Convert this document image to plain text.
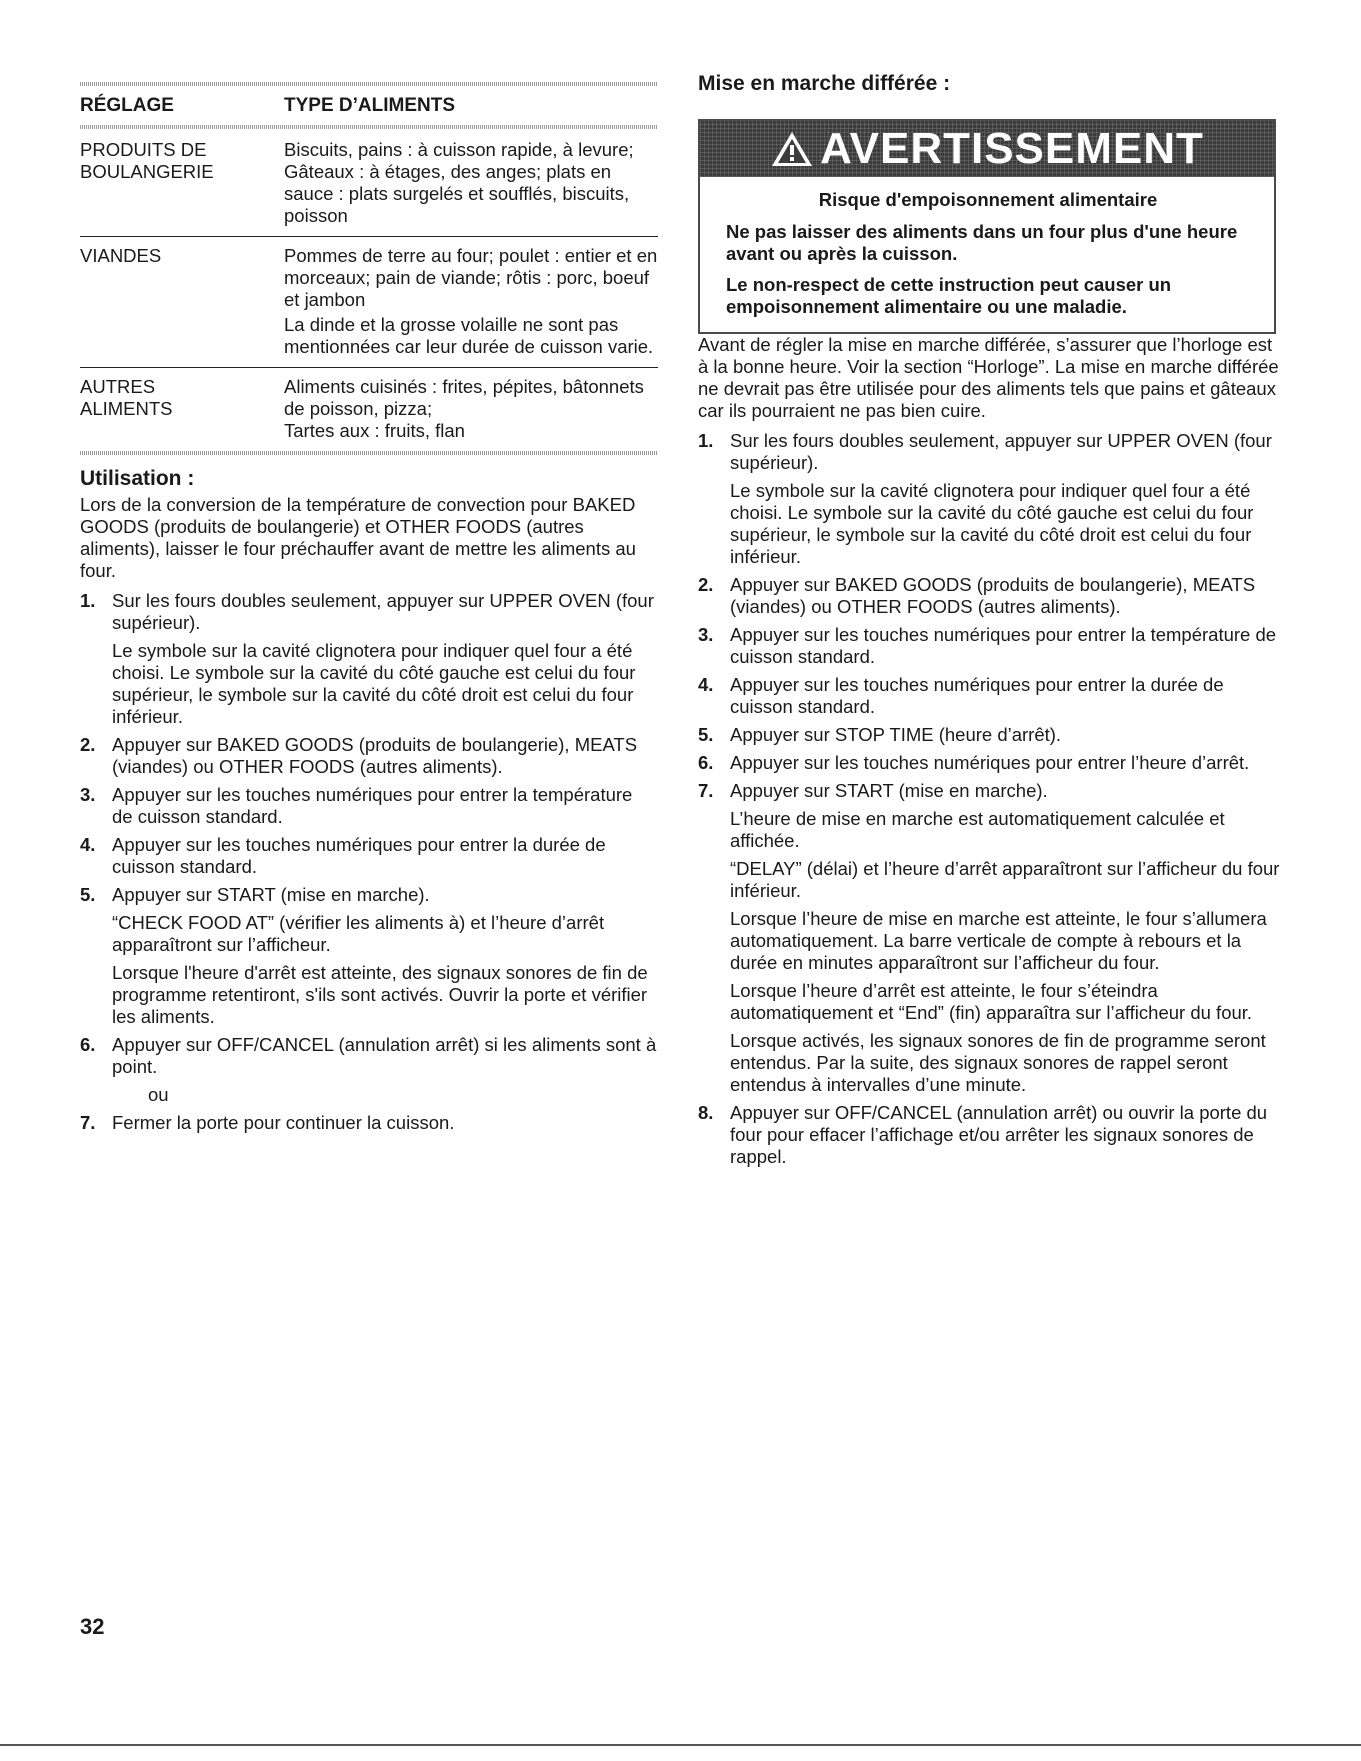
RÉGLAGE	TYPE D’ALIMENTS
PRODUITS DE
BOULANGERIE

Biscuits, pains : à cuisson rapide, à levure; Gâteaux : à étages, des anges; plats en sauce : plats surgelés et soufflés, biscuits, poisson

VIANDES	Pommes de terre au four; poulet : entier et en morceaux; pain de viande; rôtis : porc, boeuf et jambon

La dinde et la grosse volaille ne sont pas mentionnées car leur durée de cuisson varie.

AUTRES
ALIMENTS

Aliments cuisinés : frites, pépites, bâtonnets de poisson, pizza;
Tartes aux : fruits, flan

Utilisation :

Lors de la conversion de la température de convection pour BAKED GOODS (produits de boulangerie) et OTHER FOODS (autres aliments), laisser le four préchauffer avant de mettre les aliments au four.

1. Sur les fours doubles seulement, appuyer sur UPPER OVEN (four supérieur).
Le symbole sur la cavité clignotera pour indiquer quel four a été choisi. Le symbole sur la cavité du côté gauche est celui du four supérieur, le symbole sur la cavité du côté droit est celui du four inférieur.
2. Appuyer sur BAKED GOODS (produits de boulangerie), MEATS (viandes) ou OTHER FOODS (autres aliments).
3. Appuyer sur les touches numériques pour entrer la température de cuisson standard.
4. Appuyer sur les touches numériques pour entrer la durée de cuisson standard.
5. Appuyer sur START (mise en marche).
“CHECK FOOD AT” (vérifier les aliments à) et l’heure d’arrêt apparaîtront sur l’afficheur.
Lorsque l'heure d'arrêt est atteinte, des signaux sonores de fin de programme retentiront, s'ils sont activés. Ouvrir la porte et vérifier les aliments.
6. Appuyer sur OFF/CANCEL (annulation arrêt) si les aliments sont à point.
ou
7. Fermer la porte pour continuer la cuisson.
Mise en marche différée :
AVERTISSEMENT
Risque d'empoisonnement alimentaire

Ne pas laisser des aliments dans un four plus d'une heure avant ou après la cuisson.

Le non-respect de cette instruction peut causer un empoisonnement alimentaire ou une maladie.

Avant de régler la mise en marche différée, s’assurer que l’horloge est à la bonne heure. Voir la section “Horloge”. La mise en marche différée ne devrait pas être utilisée pour des aliments tels que pains et gâteaux car ils pourraient ne pas bien cuire.

1. Sur les fours doubles seulement, appuyer sur UPPER OVEN (four supérieur).
Le symbole sur la cavité clignotera pour indiquer quel four a été choisi. Le symbole sur la cavité du côté gauche est celui du four supérieur, le symbole sur la cavité du côté droit est celui du four inférieur.
2. Appuyer sur BAKED GOODS (produits de boulangerie), MEATS (viandes) ou OTHER FOODS (autres aliments).
3. Appuyer sur les touches numériques pour entrer la température de cuisson standard.
4. Appuyer sur les touches numériques pour entrer la durée de cuisson standard.
5. Appuyer sur STOP TIME (heure d’arrêt).
6. Appuyer sur les touches numériques pour entrer l’heure d’arrêt.
7. Appuyer sur START (mise en marche).
L’heure de mise en marche est automatiquement calculée et affichée.
“DELAY” (délai) et l’heure d’arrêt apparaîtront sur l’afficheur du four inférieur.
Lorsque l’heure de mise en marche est atteinte, le four s’allumera automatiquement. La barre verticale de compte à rebours et la durée en minutes apparaîtront sur l’afficheur du four.
Lorsque l’heure d’arrêt est atteinte, le four s’éteindra automatiquement et “End” (fin) apparaîtra sur l’afficheur du four.
Lorsque activés, les signaux sonores de fin de programme seront entendus. Par la suite, des signaux sonores de rappel seront entendus à intervalles d’une minute.
8. Appuyer sur OFF/CANCEL (annulation arrêt) ou ouvrir la porte du four pour effacer l’affichage et/ou arrêter les signaux sonores de rappel.
32
